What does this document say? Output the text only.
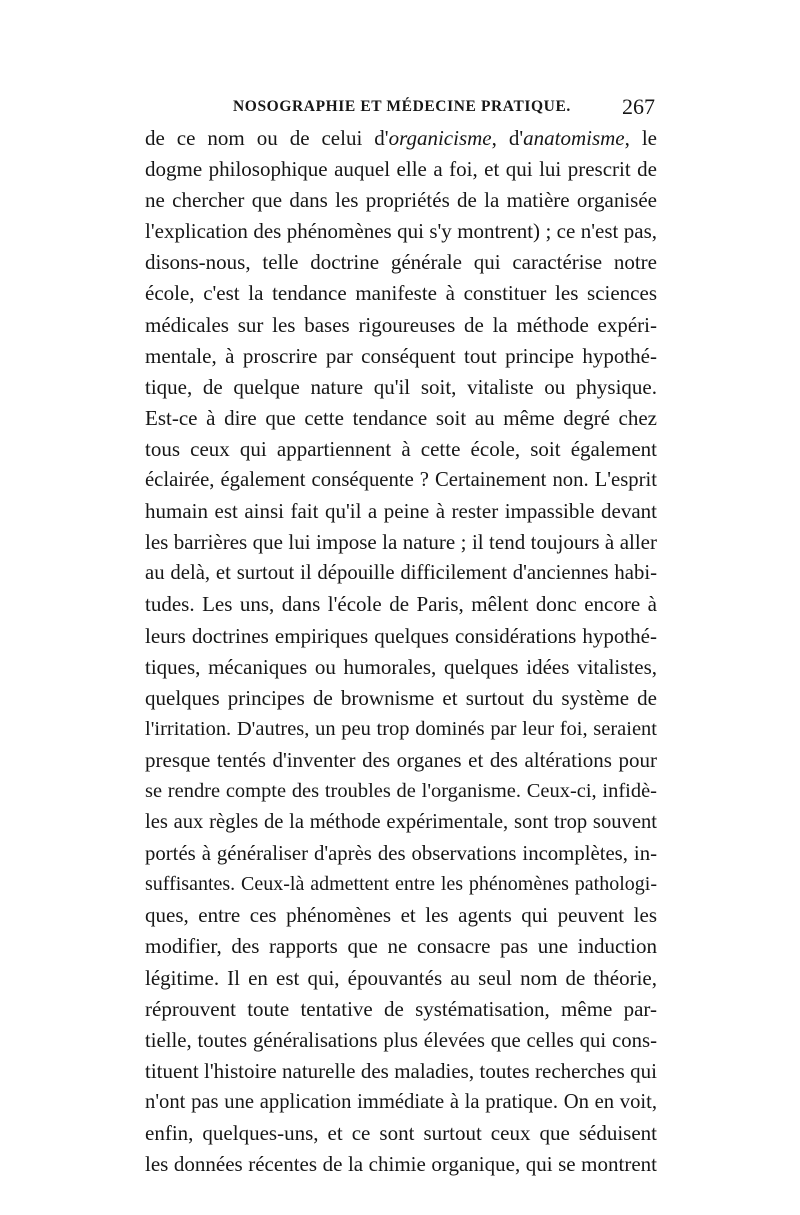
NOSOGRAPHIE ET MÉDECINE PRATIQUE. 267
de ce nom ou de celui d'organicisme, d'anatomisme, le
dogme philosophique auquel elle a foi, et qui lui prescrit de
ne chercher que dans les propriétés de la matière organisée
l'explication des phénomènes qui s'y montrent) ; ce n'est pas,
disons-nous, telle doctrine générale qui caractérise notre
école, c'est la tendance manifeste à constituer les sciences
médicales sur les bases rigoureuses de la méthode expéri-
mentale, à proscrire par conséquent tout principe hypothé-
tique, de quelque nature qu'il soit, vitaliste ou physique.
Est-ce à dire que cette tendance soit au même degré chez
tous ceux qui appartiennent à cette école, soit également
éclairée, également conséquente ? Certainement non. L'esprit
humain est ainsi fait qu'il a peine à rester impassible devant
les barrières que lui impose la nature ; il tend toujours à aller
au delà, et surtout il dépouille difficilement d'anciennes habi-
tudes. Les uns, dans l'école de Paris, mêlent donc encore à
leurs doctrines empiriques quelques considérations hypothé-
tiques, mécaniques ou humorales, quelques idées vitalistes,
quelques principes de brownisme et surtout du système de
l'irritation. D'autres, un peu trop dominés par leur foi, seraient
presque tentés d'inventer des organes et des altérations pour
se rendre compte des troubles de l'organisme. Ceux-ci, infidè-
les aux règles de la méthode expérimentale, sont trop souvent
portés à généraliser d'après des observations incomplètes, in-
suffisantes. Ceux-là admettent entre les phénomènes pathologi-
ques, entre ces phénomènes et les agents qui peuvent les
modifier, des rapports que ne consacre pas une induction
légitime. Il en est qui, épouvantés au seul nom de théorie,
réprouvent toute tentative de systématisation, même par-
tielle, toutes généralisations plus élevées que celles qui cons-
tituent l'histoire naturelle des maladies, toutes recherches qui
n'ont pas une application immédiate à la pratique. On en voit,
enfin, quelques-uns, et ce sont surtout ceux que séduisent
les données récentes de la chimie organique, qui se montrent
